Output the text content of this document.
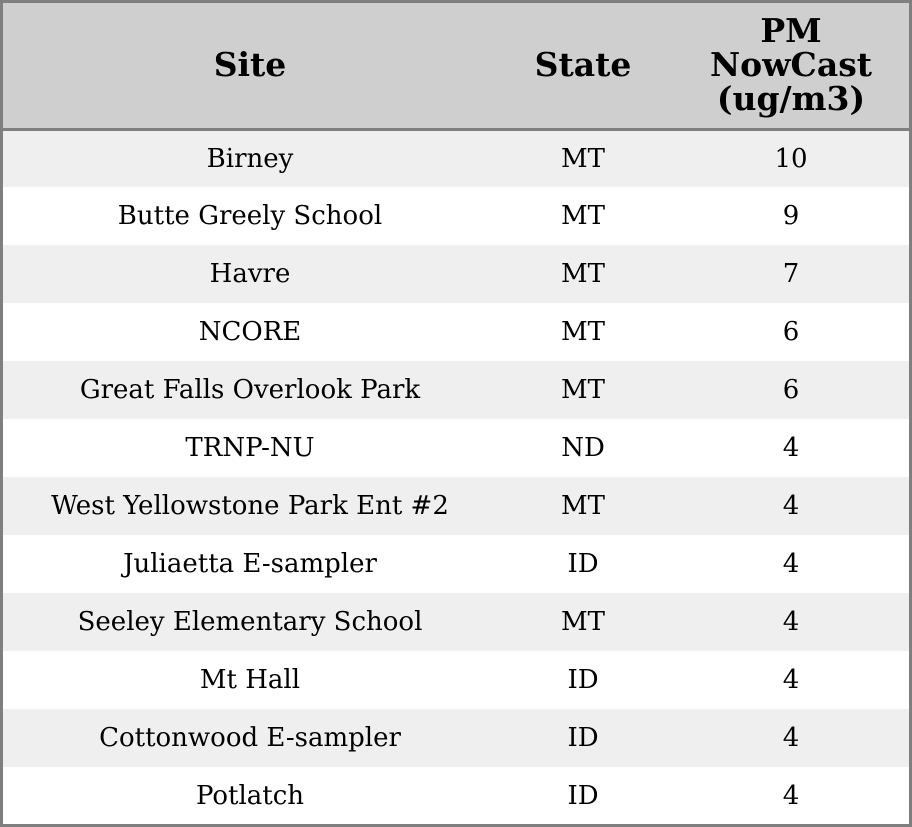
Site	State	PM
NowCast
(ug/m3)

Birney	MT	10
Butte Greely School	MT	9
Havre	MT	7
NCORE	MT	6
Great Falls Overlook Park	MT	6
TRNP-NU	ND	4
West Yellowstone Park Ent #2	MT	4
Juliaetta E-sampler	ID	4
Seeley Elementary School	MT	4
Mt Hall	ID	4
Cottonwood E-sampler	ID	4
Potlatch	ID	4
